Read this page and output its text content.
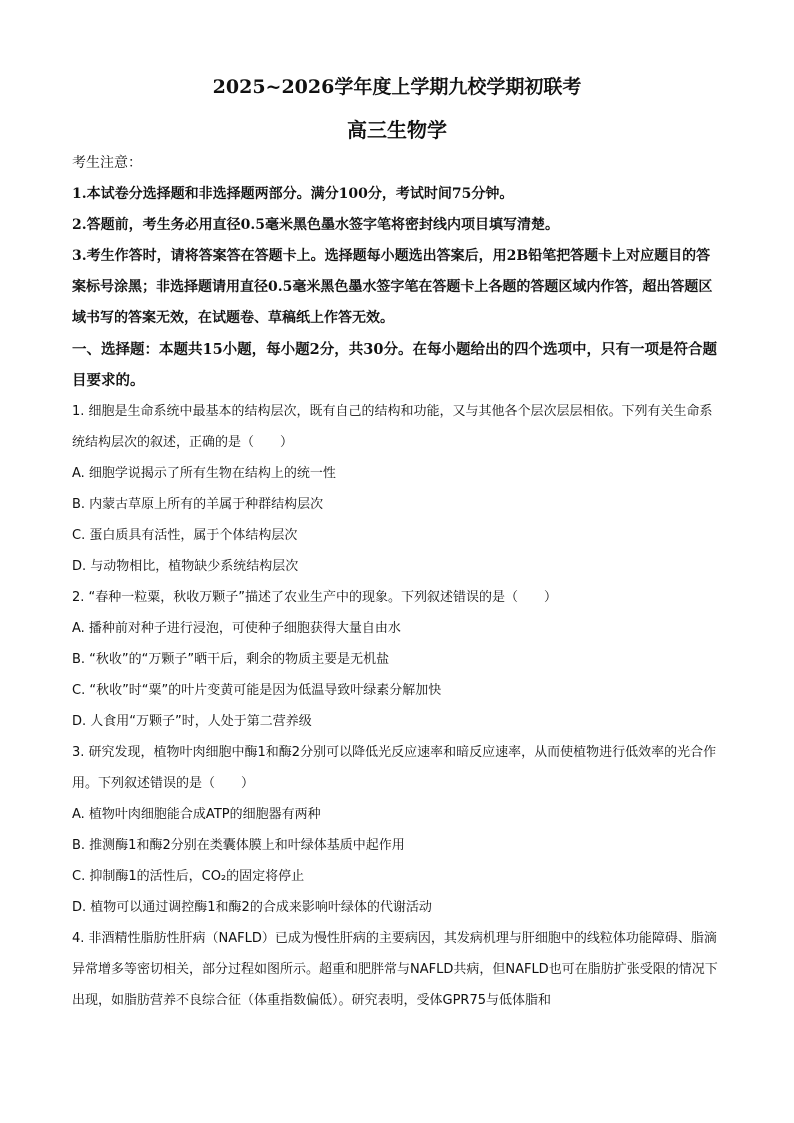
2025~2026学年度上学期九校学期初联考
高三生物学

考生注意：

1.本试卷分选择题和非选择题两部分。满分100分，考试时间75分钟。

2.答题前，考生务必用直径0.5毫米黑色墨水签字笔将密封线内项目填写清楚。

3.考生作答时，请将答案答在答题卡上。选择题每小题选出答案后，用2B铅笔把答题卡上对应题目的答案标号涂黑；非选择题请用直径0.5毫米黑色墨水签字笔在答题卡上各题的答题区域内作答，超出答题区域书写的答案无效，在试题卷、草稿纸上作答无效。

一、选择题：本题共15小题，每小题2分，共30分。在每小题给出的四个选项中，只有一项是符合题目要求的。

1. 细胞是生命系统中最基本的结构层次，既有自己的结构和功能，又与其他各个层次层层相依。下列有关生命系统结构层次的叙述，正确的是（　　）

A. 细胞学说揭示了所有生物在结构上的统一性

B. 内蒙古草原上所有的羊属于种群结构层次

C. 蛋白质具有活性，属于个体结构层次

D. 与动物相比，植物缺少系统结构层次

2. “春种一粒粟，秋收万颗子”描述了农业生产中的现象。下列叙述错误的是（　　）

A. 播种前对种子进行浸泡，可使种子细胞获得大量自由水

B. “秋收”的“万颗子”晒干后，剩余的物质主要是无机盐

C. “秋收”时“粟”的叶片变黄可能是因为低温导致叶绿素分解加快

D. 人食用“万颗子”时，人处于第二营养级

3. 研究发现，植物叶肉细胞中酶1和酶2分别可以降低光反应速率和暗反应速率，从而使植物进行低效率的光合作用。下列叙述错误的是（　　）

A. 植物叶肉细胞能合成ATP的细胞器有两种

B. 推测酶1和酶2分别在类囊体膜上和叶绿体基质中起作用

C. 抑制酶1的活性后，CO₂的固定将停止

D. 植物可以通过调控酶1和酶2的合成来影响叶绿体的代谢活动

4. 非酒精性脂肪性肝病（NAFLD）已成为慢性肝病的主要病因，其发病机理与肝细胞中的线粒体功能障碍、脂滴异常增多等密切相关，部分过程如图所示。超重和肥胖常与NAFLD共病，但NAFLD也可在脂肪扩张受限的情况下出现，如脂肪营养不良综合征（体重指数偏低）。研究表明，受体GPR75与低体脂和
